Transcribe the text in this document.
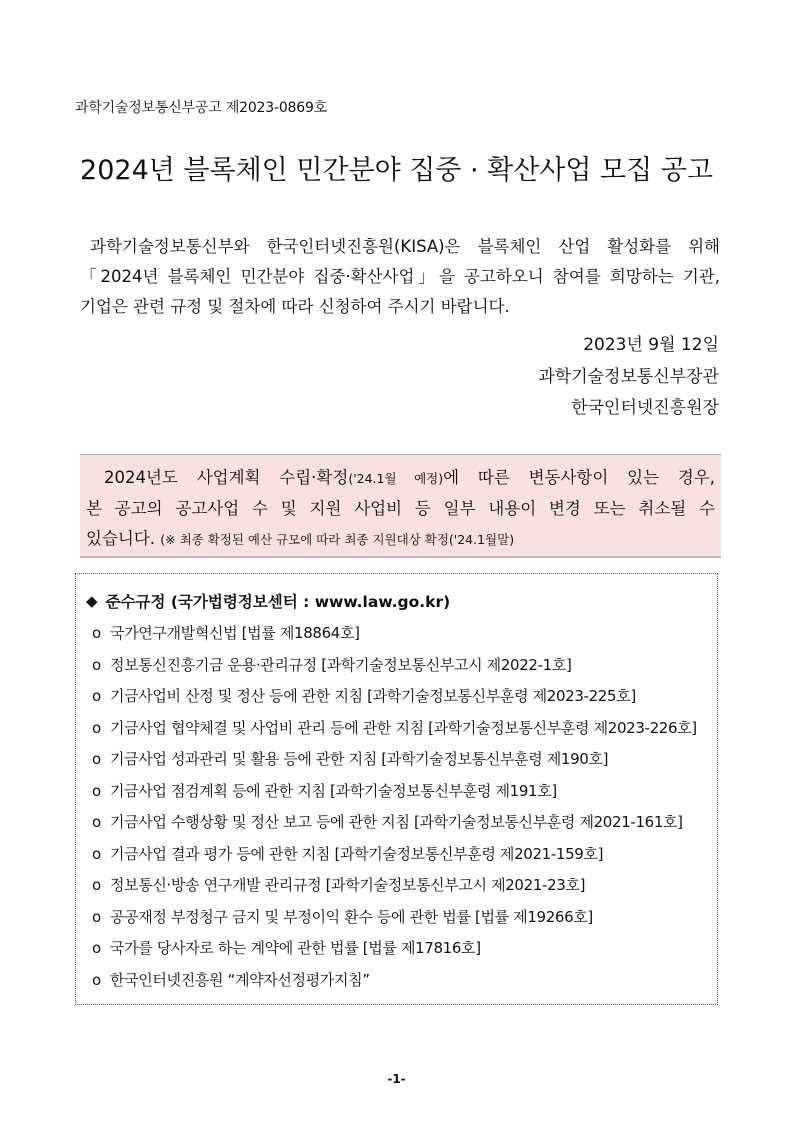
과학기술정보통신부공고 제2023-0869호
2024년 블록체인 민간분야 집중 · 확산사업 모집 공고
과학기술정보통신부와 한국인터넷진흥원(KISA)은 블록체인 산업 활성화를 위해
「2024년 블록체인 민간분야 집중·확산사업」을 공고하오니 참여를 희망하는 기관,
기업은 관련 규정 및 절차에 따라 신청하여 주시기 바랍니다.
2023년 9월 12일
과학기술정보통신부장관
한국인터넷진흥원장
2024년도 사업계획 수립·확정('24.1월 예정)에 따른 변동사항이 있는 경우,
본 공고의 공고사업 수 및 지원 사업비 등 일부 내용이 변경 또는 취소될 수
있습니다. (※ 최종 확정된 예산 규모에 따라 최종 지원대상 확정('24.1월말)
◆ 준수규정 (국가법령정보센터 : www.law.go.kr)
o 국가연구개발혁신법 [법률 제18864호]
o 정보통신진흥기금 운용·관리규정 [과학기술정보통신부고시 제2022-1호]
o 기금사업비 산정 및 정산 등에 관한 지침 [과학기술정보통신부훈령 제2023-225호]
o 기금사업 협약체결 및 사업비 관리 등에 관한 지침 [과학기술정보통신부훈령 제2023-226호]
o 기금사업 성과관리 및 활용 등에 관한 지침 [과학기술정보통신부훈령 제190호]
o 기금사업 점검계획 등에 관한 지침 [과학기술정보통신부훈령 제191호]
o 기금사업 수행상황 및 정산 보고 등에 관한 지침 [과학기술정보통신부훈령 제2021-161호]
o 기금사업 결과 평가 등에 관한 지침 [과학기술정보통신부훈령 제2021-159호]
o 정보통신·방송 연구개발 관리규정 [과학기술정보통신부고시 제2021-23호]
o 공공재정 부정청구 금지 및 부정이익 환수 등에 관한 법률 [법률 제19266호]
o 국가를 당사자로 하는 계약에 관한 법률 [법률 제17816호]
o 한국인터넷진흥원 “계약자선정평가지침”
-1-
